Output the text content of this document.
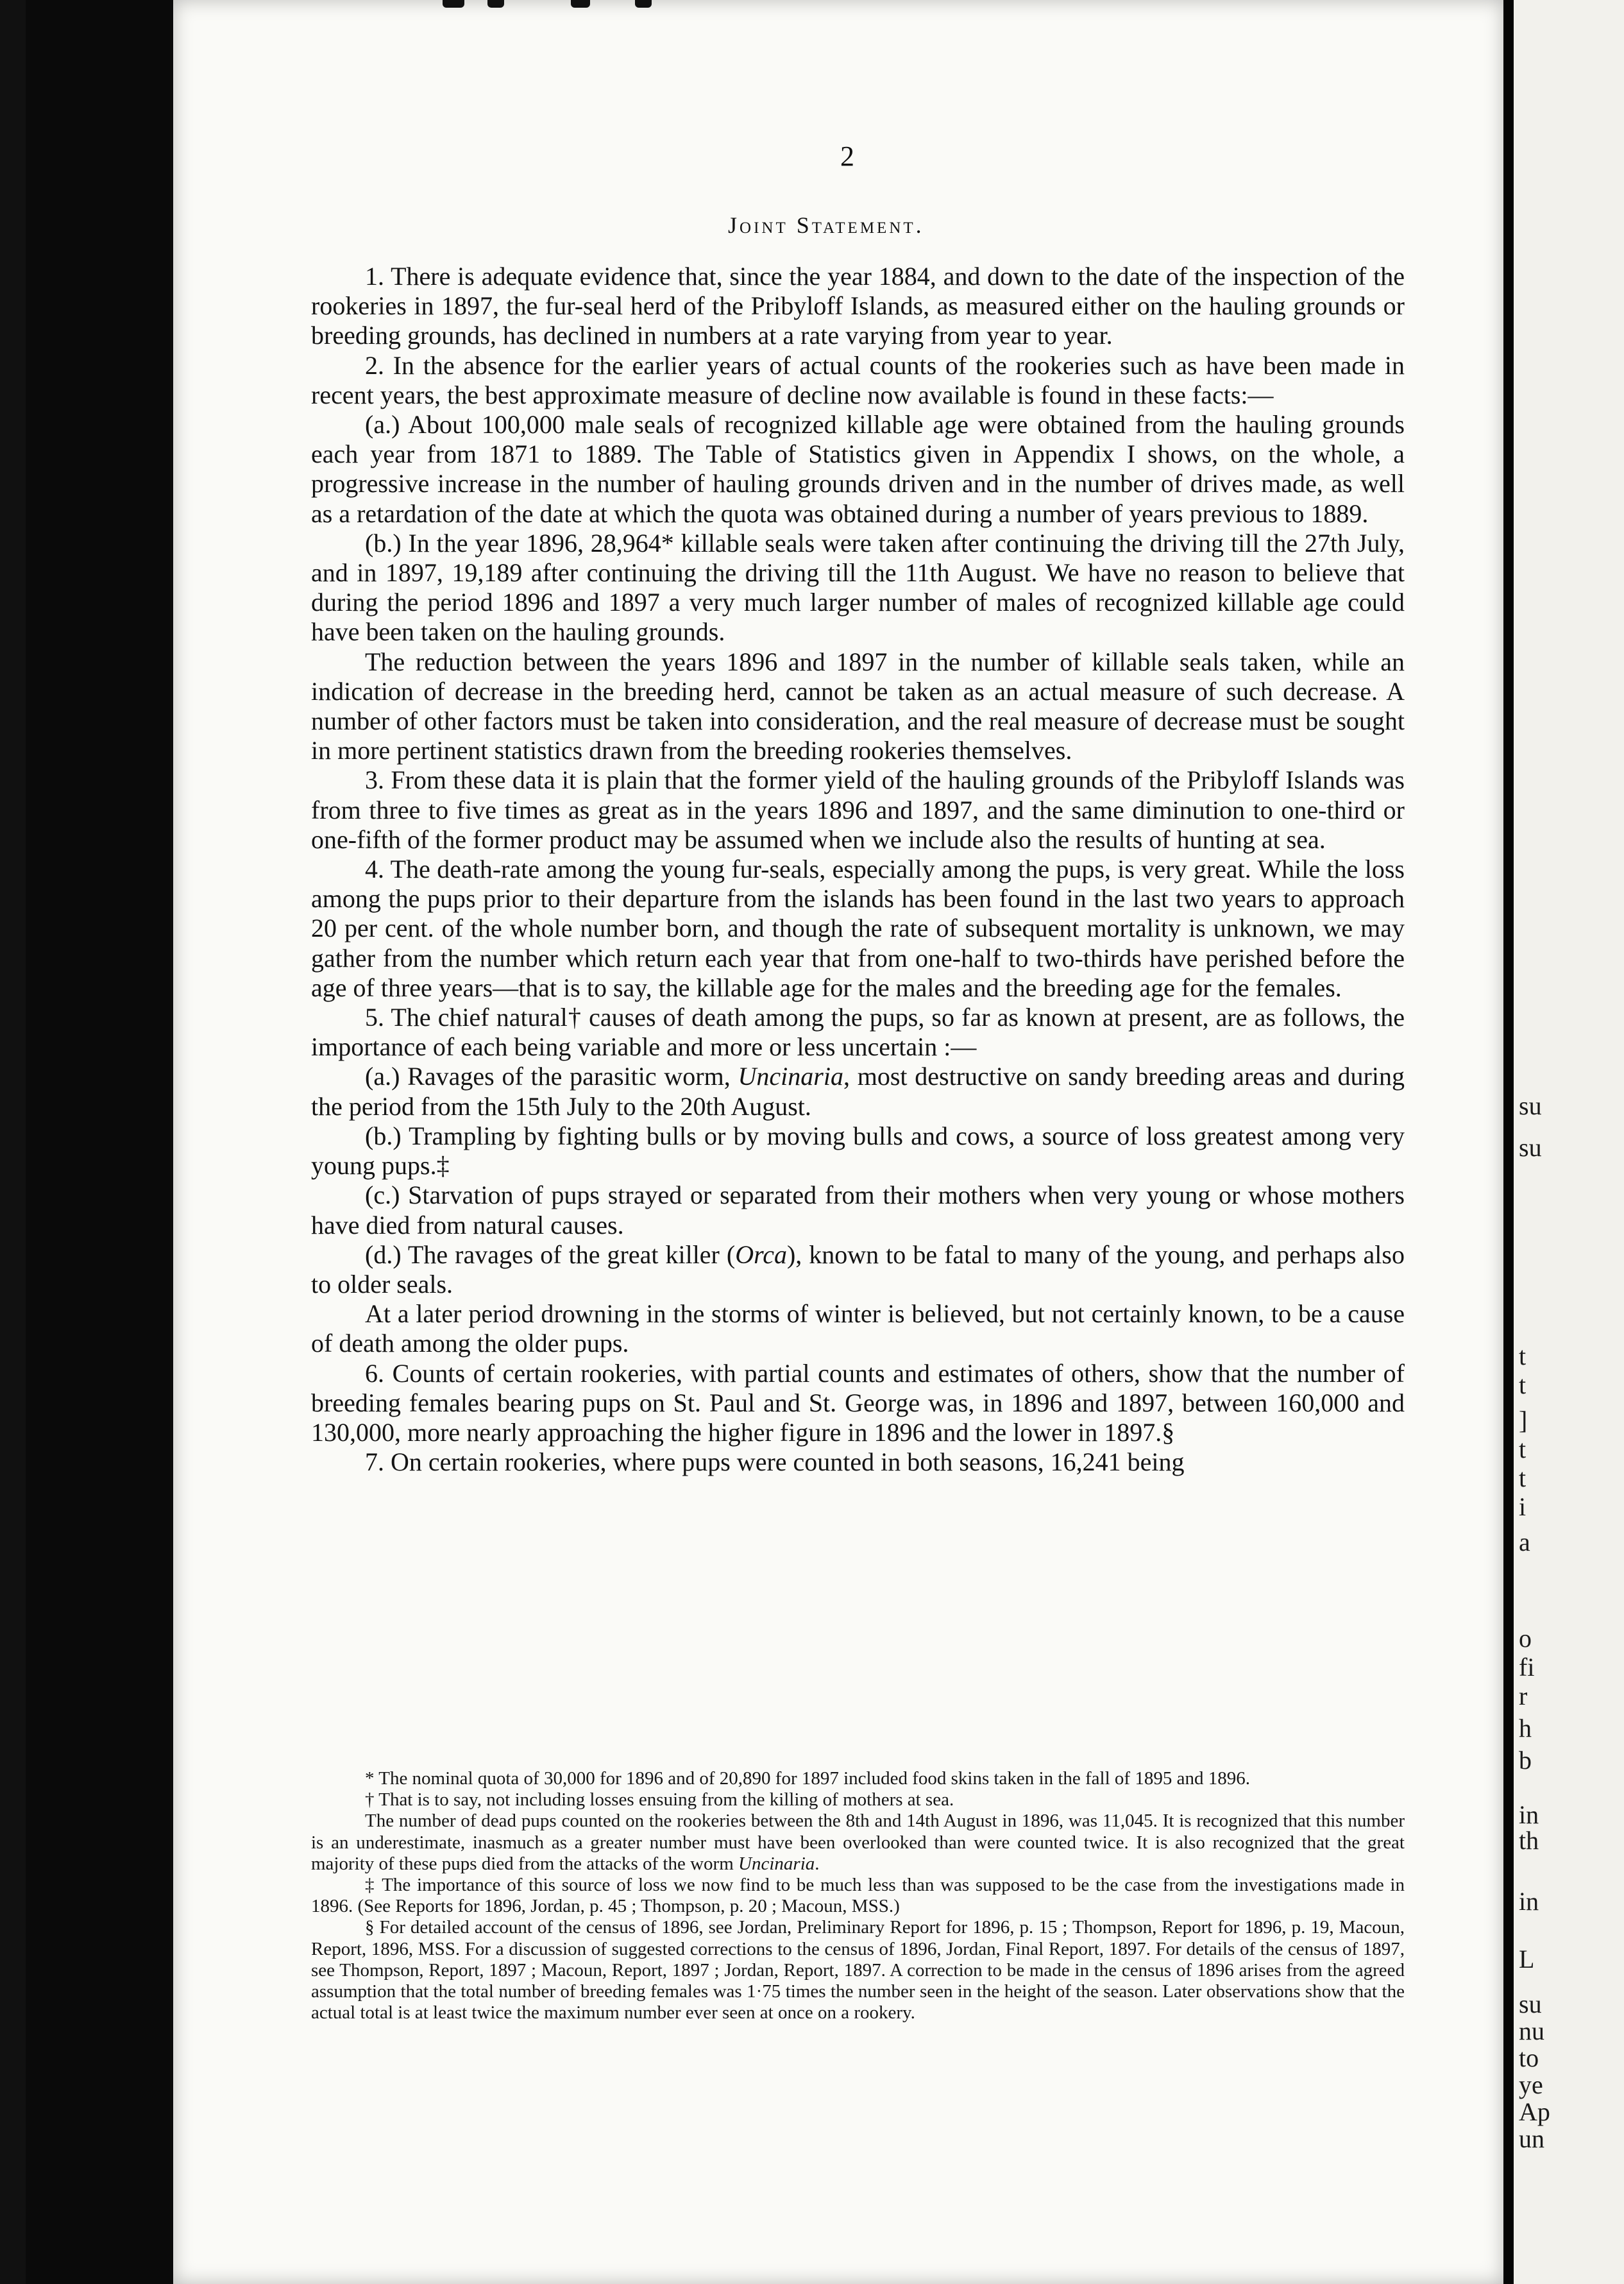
2
Joint Statement.

1. There is adequate evidence that, since the year 1884, and down to the date of the inspection of the rookeries in 1897, the fur-seal herd of the Pribyloff Islands, as measured either on the hauling grounds or breeding grounds, has declined in numbers at a rate varying from year to year.

2. In the absence for the earlier years of actual counts of the rookeries such as have been made in recent years, the best approximate measure of decline now available is found in these facts:—

(a.) About 100,000 male seals of recognized killable age were obtained from the hauling grounds each year from 1871 to 1889. The Table of Statistics given in Appendix I shows, on the whole, a progressive increase in the number of hauling grounds driven and in the number of drives made, as well as a retardation of the date at which the quota was obtained during a number of years previous to 1889.

(b.) In the year 1896, 28,964* killable seals were taken after continuing the driving till the 27th July, and in 1897, 19,189 after continuing the driving till the 11th August. We have no reason to believe that during the period 1896 and 1897 a very much larger number of males of recognized killable age could have been taken on the hauling grounds.

The reduction between the years 1896 and 1897 in the number of killable seals taken, while an indication of decrease in the breeding herd, cannot be taken as an actual measure of such decrease. A number of other factors must be taken into consideration, and the real measure of decrease must be sought in more pertinent statistics drawn from the breeding rookeries themselves.

3. From these data it is plain that the former yield of the hauling grounds of the Pribyloff Islands was from three to five times as great as in the years 1896 and 1897, and the same diminution to one-third or one-fifth of the former product may be assumed when we include also the results of hunting at sea.

4. The death-rate among the young fur-seals, especially among the pups, is very great. While the loss among the pups prior to their departure from the islands has been found in the last two years to approach 20 per cent. of the whole number born, and though the rate of subsequent mortality is unknown, we may gather from the number which return each year that from one-half to two-thirds have perished before the age of three years—that is to say, the killable age for the males and the breeding age for the females.

5. The chief natural† causes of death among the pups, so far as known at present, are as follows, the importance of each being variable and more or less uncertain :—

(a.) Ravages of the parasitic worm, Uncinaria, most destructive on sandy breeding areas and during the period from the 15th July to the 20th August.

(b.) Trampling by fighting bulls or by moving bulls and cows, a source of loss greatest among very young pups.‡

(c.) Starvation of pups strayed or separated from their mothers when very young or whose mothers have died from natural causes.

(d.) The ravages of the great killer (Orca), known to be fatal to many of the young, and perhaps also to older seals.

At a later period drowning in the storms of winter is believed, but not certainly known, to be a cause of death among the older pups.

6. Counts of certain rookeries, with partial counts and estimates of others, show that the number of breeding females bearing pups on St. Paul and St. George was, in 1896 and 1897, between 160,000 and 130,000, more nearly approaching the higher figure in 1896 and the lower in 1897.§

7. On certain rookeries, where pups were counted in both seasons, 16,241 being

* The nominal quota of 30,000 for 1896 and of 20,890 for 1897 included food skins taken in the fall of 1895 and 1896.

† That is to say, not including losses ensuing from the killing of mothers at sea.

The number of dead pups counted on the rookeries between the 8th and 14th August in 1896, was 11,045. It is recognized that this number is an underestimate, inasmuch as a greater number must have been overlooked than were counted twice. It is also recognized that the great majority of these pups died from the attacks of the worm Uncinaria.

‡ The importance of this source of loss we now find to be much less than was supposed to be the case from the investigations made in 1896. (See Reports for 1896, Jordan, p. 45 ; Thompson, p. 20 ; Macoun, MSS.)

§ For detailed account of the census of 1896, see Jordan, Preliminary Report for 1896, p. 15 ; Thompson, Report for 1896, p. 19, Macoun, Report, 1896, MSS. For a discussion of suggested corrections to the census of 1896, Jordan, Final Report, 1897. For details of the census of 1897, see Thompson, Report, 1897 ; Macoun, Report, 1897 ; Jordan, Report, 1897. A correction to be made in the census of 1896 arises from the agreed assumption that the total number of breeding females was 1·75 times the number seen in the height of the season. Later observations show that the actual total is at least twice the maximum number ever seen at once on a rookery.

su
su
t
t
]
t
t
i
a
o
fi
r
h
b
in
th
in
L
su
nu
to
ye
Ap
un
